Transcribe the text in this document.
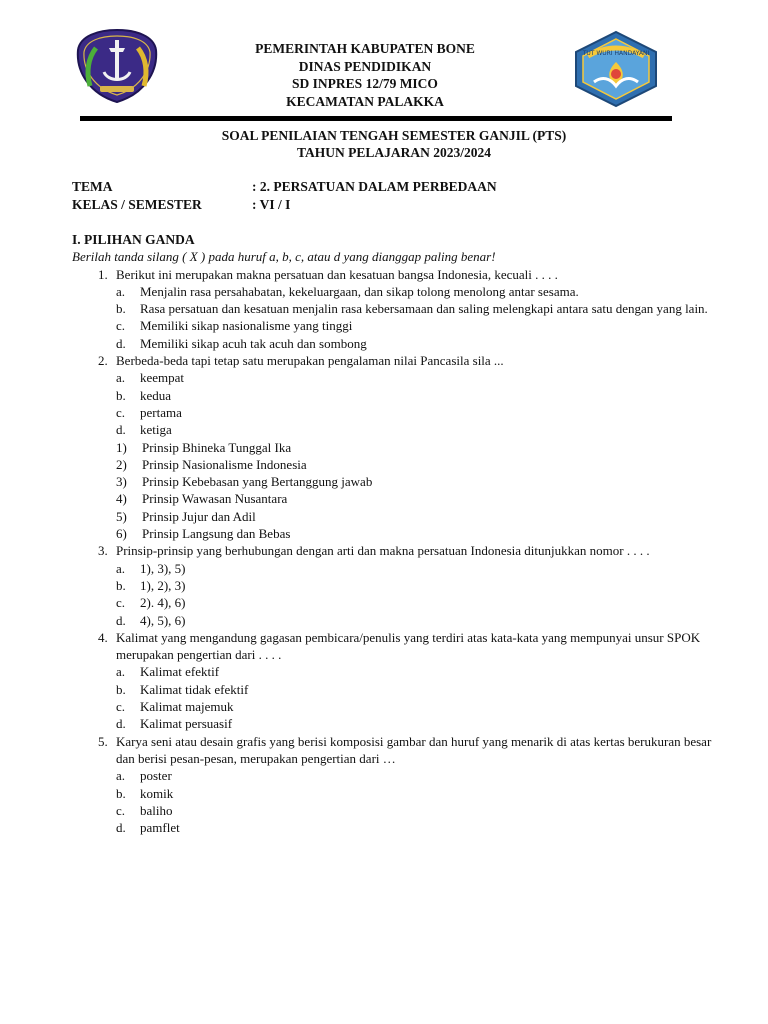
TUT WURI HANDAYANI
PEMERINTAH KABUPATEN BONE
DINAS PENDIDIKAN
SD INPRES 12/79 MICO
KECAMATAN PALAKKA
SOAL PENILAIAN TENGAH SEMESTER GANJIL (PTS)
TAHUN PELAJARAN 2023/2024
TEMA	: 2. PERSATUAN DALAM PERBEDAAN
KELAS / SEMESTER	: VI / I
I. PILIHAN GANDA
Berilah tanda silang ( X ) pada huruf a, b, c, atau d yang dianggap paling benar!
1. Berikut ini merupakan makna persatuan dan kesatuan bangsa Indonesia, kecuali . . . .
a.	Menjalin rasa persahabatan, kekeluargaan, dan sikap tolong menolong antar sesama.
b.	Rasa persatuan dan kesatuan menjalin rasa kebersamaan dan saling melengkapi antara satu dengan yang lain.
c.	Memiliki sikap nasionalisme yang tinggi
d.	Memiliki sikap acuh tak acuh dan sombong
2. Berbeda-beda tapi tetap satu merupakan pengalaman nilai Pancasila sila ...
a.	keempat
b.	kedua
c.	pertama
d.	ketiga
1)	Prinsip Bhineka Tunggal Ika
2)	Prinsip Nasionalisme Indonesia
3)	Prinsip Kebebasan yang Bertanggung jawab
4)	Prinsip Wawasan Nusantara
5)	Prinsip Jujur dan Adil
6)	Prinsip Langsung dan Bebas
3. Prinsip-prinsip yang berhubungan dengan arti dan makna persatuan Indonesia ditunjukkan nomor . . . .
a.	1), 3), 5)
b.	1), 2), 3)
c.	2). 4), 6)
d.	4), 5), 6)
4. Kalimat yang mengandung gagasan pembicara/penulis yang terdiri atas kata-kata yang mempunyai unsur SPOK merupakan pengertian dari . . . .
a.	Kalimat efektif
b.	Kalimat tidak efektif
c.	Kalimat majemuk
d.	Kalimat persuasif
5. Karya seni atau desain grafis yang berisi komposisi gambar dan huruf yang menarik di atas kertas berukuran besar dan berisi pesan-pesan, merupakan pengertian dari …
a.	poster
b.	komik
c.	baliho
d.	pamflet
